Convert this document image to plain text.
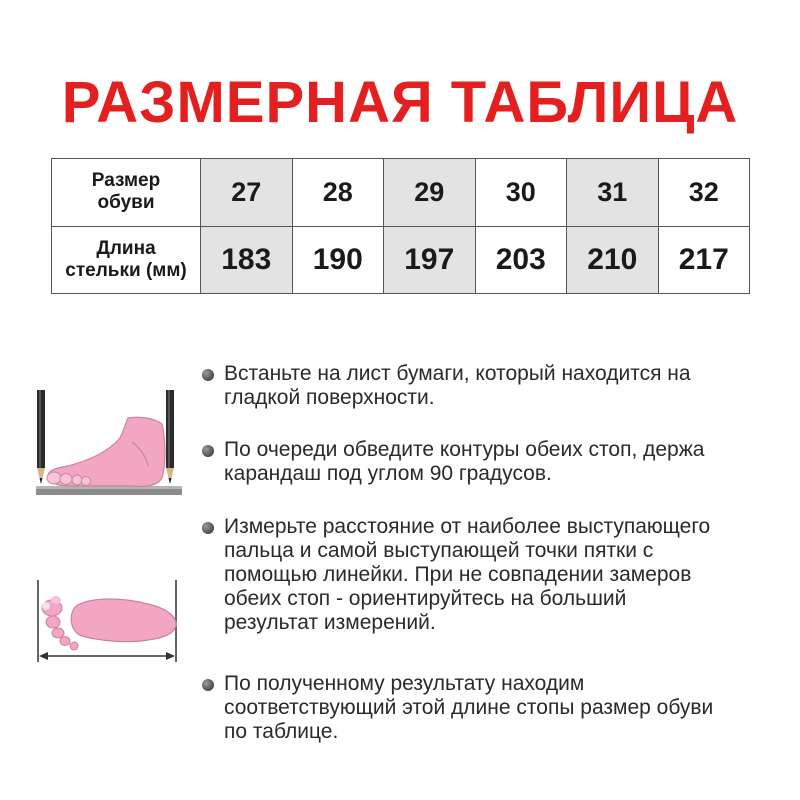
РАЗМЕРНАЯ ТАБЛИЦА
Размер
обуви	27	28	29	30	31	32
Длина
стельки (мм)	183	190	197	203	210	217
Встаньте на лист бумаги, который находится на
гладкой поверхности.
По очереди обведите контуры обеих стоп, держа
карандаш под углом 90 градусов.
Измерьте расстояние от наиболее выступающего
пальца и самой выступающей точки пятки с
помощью линейки. При не совпадении замеров
обеих стоп - ориентируйтесь на больший
результат измерений.
По полученному результату находим
соответствующий этой длине стопы размер обуви
по таблице.
